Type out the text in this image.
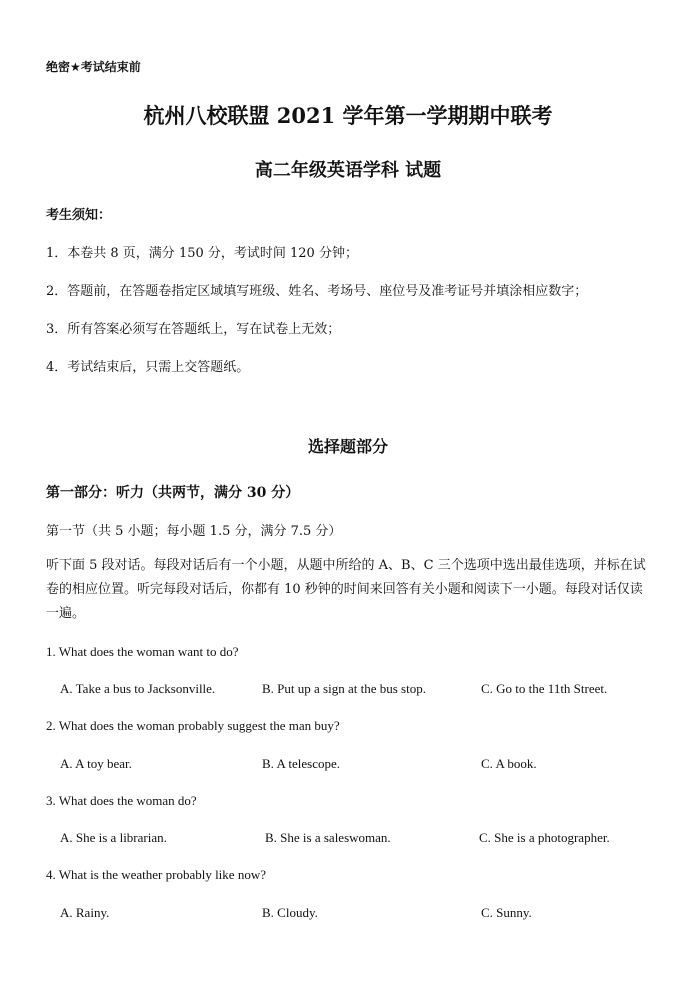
绝密★考试结束前
杭州八校联盟 2021 学年第一学期期中联考
高二年级英语学科 试题
考生须知：
1．本卷共 8 页，满分 150 分，考试时间 120 分钟；
2．答题前，在答题卷指定区域填写班级、姓名、考场号、座位号及准考证号并填涂相应数字；
3．所有答案必须写在答题纸上，写在试卷上无效；
4．考试结束后，只需上交答题纸。
选择题部分
第一部分：听力（共两节，满分 30 分）
第一节（共 5 小题；每小题 1.5 分，满分 7.5 分）
听下面 5 段对话。每段对话后有一个小题，从题中所给的 A、B、C 三个选项中选出最佳选项，并标在试卷的相应位置。听完每段对话后，你都有 10 秒钟的时间来回答有关小题和阅读下一小题。每段对话仅读一遍。
1. What does the woman want to do?
A. Take a bus to Jacksonville.	B. Put up a sign at the bus stop.	C. Go to the 11th Street.
2. What does the woman probably suggest the man buy?
A. A toy bear.	B. A telescope.	C. A book.
3. What does the woman do?
A. She is a librarian.	B. She is a saleswoman.	C. She is a photographer.
4. What is the weather probably like now?
A. Rainy.	B. Cloudy.	C. Sunny.
